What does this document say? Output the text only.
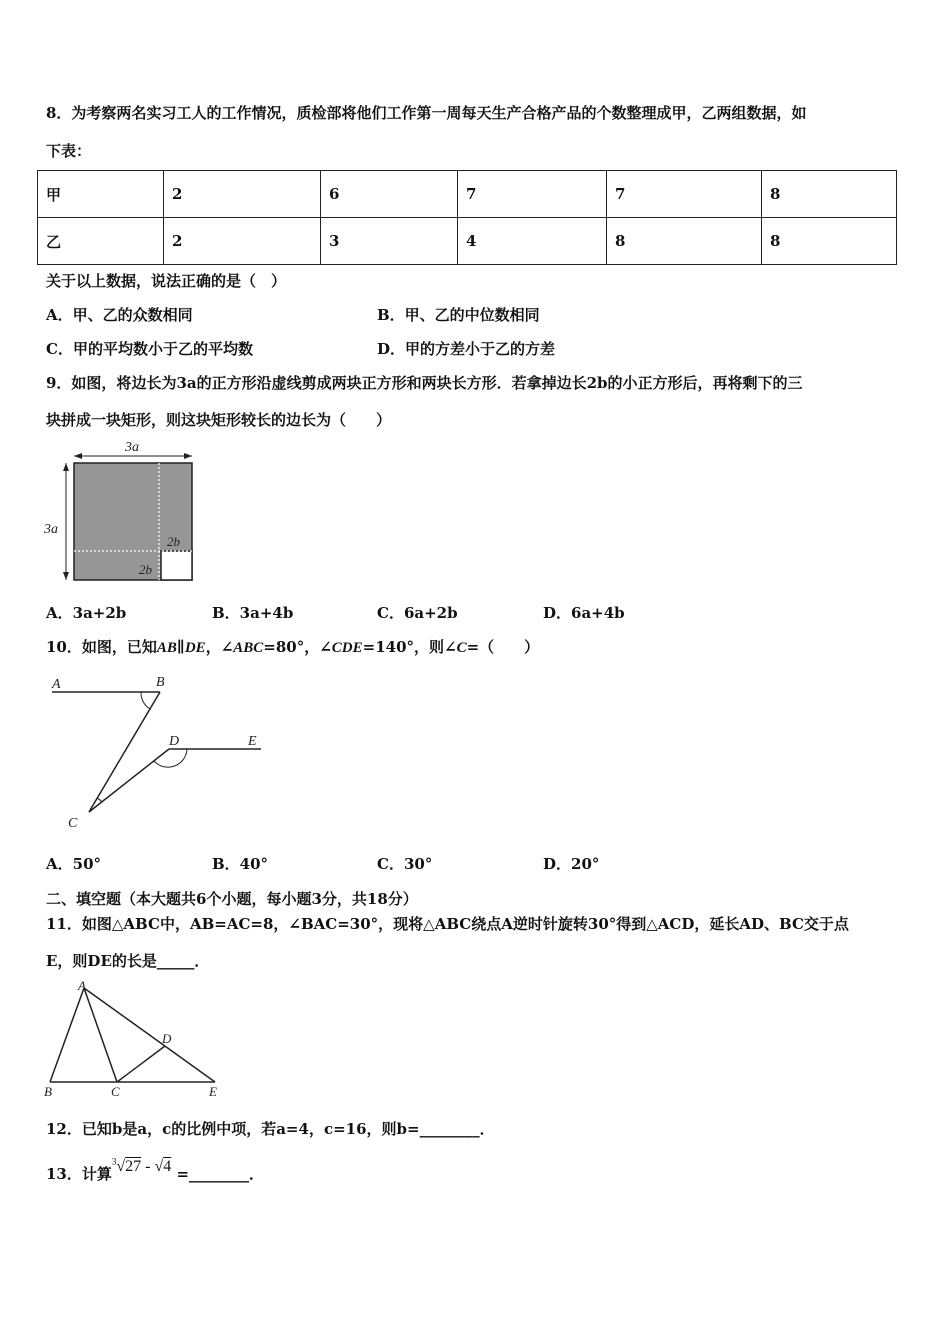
8．为考察两名实习工人的工作情况，质检部将他们工作第一周每天生产合格产品的个数整理成甲，乙两组数据，如
下表：
甲	2	6	7	7	8
乙	2	3	4	8	8
关于以上数据，说法正确的是（　）
A．甲、乙的众数相同	B．甲、乙的中位数相同
C．甲的平均数小于乙的平均数	D．甲的方差小于乙的方差
9．如图，将边长为3a的正方形沿虚线剪成两块正方形和两块长方形．若拿掉边长2b的小正方形后，再将剩下的三
块拼成一块矩形，则这块矩形较长的边长为（　　）
3a
3a
2b
2b
A．3a+2b	B．3a+4b	C．6a+2b	D．6a+4b
10．如图，已知AB∥DE，∠ABC=80°，∠CDE=140°，则∠C=（　　）
A	B
D	E
C
A．50°	B．40°	C．30°	D．20°
二、填空题（本大题共6个小题，每小题3分，共18分）
11．如图△ABC中，AB=AC=8，∠BAC=30°，现将△ABC绕点A逆时针旋转30°得到△ACD，延长AD、BC交于点
E，则DE的长是_____．
A
B	C
D
E
12．已知b是a，c的比例中项，若a=4，c=16，则b=________．
13．计算$^3$√27 - √4 =________．
